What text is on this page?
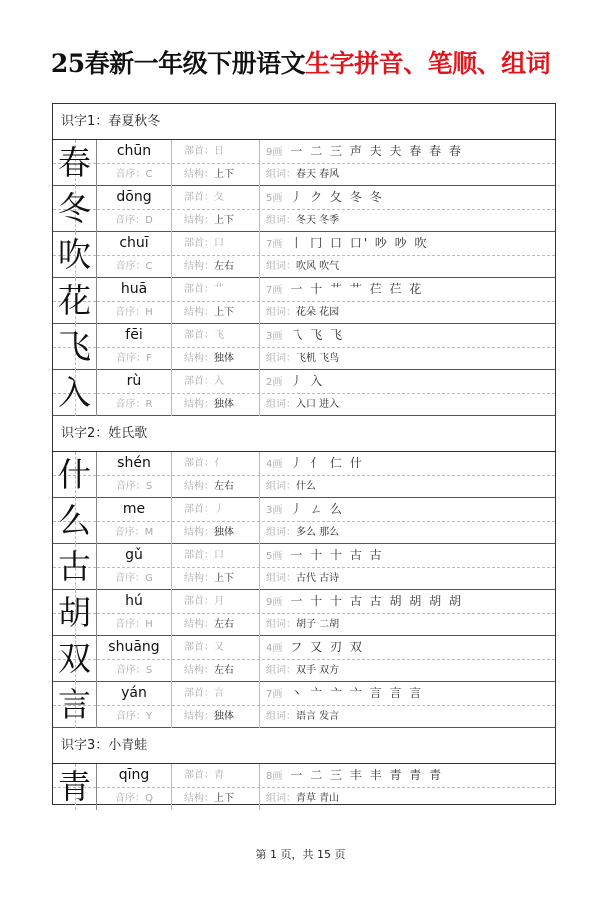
25春新一年级下册语文生字拼音、笔顺、组词
识字1：春夏秋冬
春	chūn	部首：日	9画 一 二 三 声 夫 夫 春 春 春
音序：C	结构：上下	组词：春天 春风
冬	dōng	部首：夂	5画 丿 ク 夂 冬 冬
音序：D	结构：上下	组词：冬天 冬季
吹	chuī	部首：口	7画 丨 冂 口 口' 吵 吵 吹
音序：C	结构：左右	组词：吹风 吹气
花	huā	部首：艹	7画 一 十 艹 艹 芢 芢 花
音序：H	结构：上下	组词：花朵 花园
飞	fēi	部首：飞	3画 乁 飞 飞
音序：F	结构：独体	组词：飞机 飞鸟
入	rù	部首：入	2画 丿 入
音序：R	结构：独体	组词：入口 进入
识字2：姓氏歌
什	shén	部首：亻	4画 丿 亻 仁 什
音序：S	结构：左右	组词：什么
么	me	部首：丿	3画 丿 ㄥ 么
音序：M	结构：独体	组词：多么 那么
古	gǔ	部首：口	5画 一 十 十 古 古
音序：G	结构：上下	组词：古代 古诗
胡	hú	部首：月	9画 一 十 十 古 古 胡 胡 胡 胡
音序：H	结构：左右	组词：胡子 二胡
双	shuāng	部首：又	4画 フ 又 刃 双
音序：S	结构：左右	组词：双手 双方
言	yán	部首：言	7画 丶 亠 亠 亠 言 言 言
音序：Y	结构：独体	组词：语言 发言
识字3：小青蛙
青	qīng	部首：青	8画 一 二 三 丰 丰 青 青 青
音序：Q	结构：上下	组词：青草 青山
第 1 页，共 15 页
